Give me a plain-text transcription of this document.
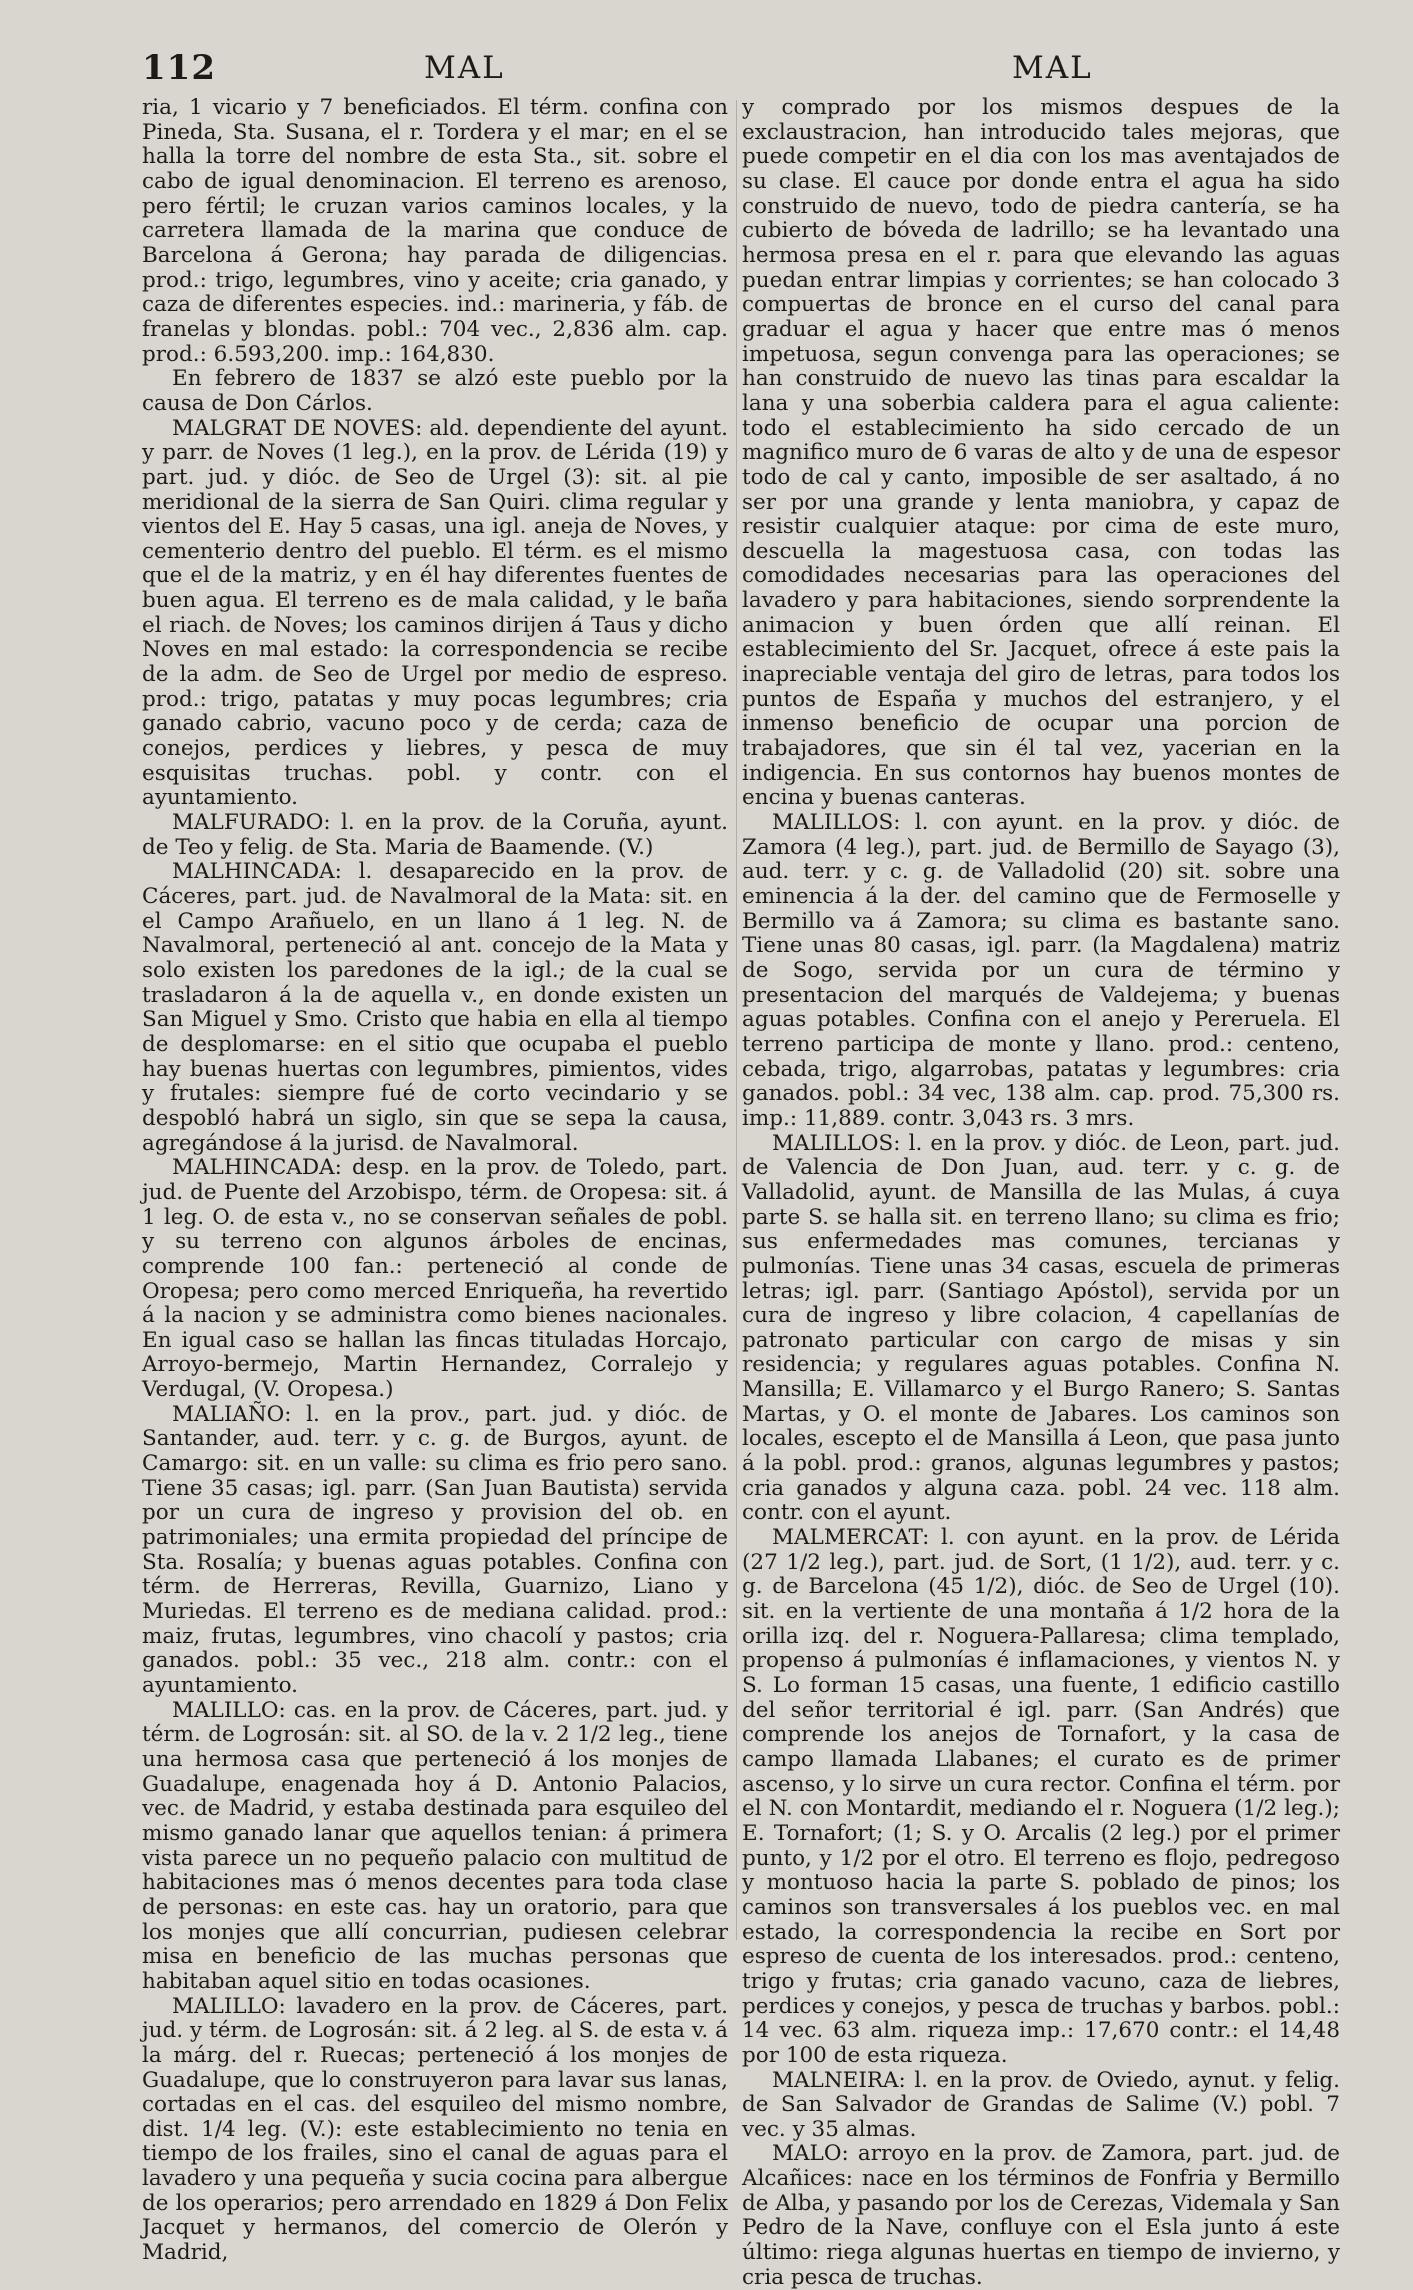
112	MAL	MAL

ria, 1 vicario y 7 beneficiados. El térm. confina con Pineda, Sta. Susana, el r. Tordera y el mar; en el se halla la torre del nombre de esta Sta., sit. sobre el cabo de igual denominacion. El terreno es arenoso, pero fértil; le cruzan varios caminos locales, y la carretera llamada de la marina que conduce de Barcelona á Gerona; hay parada de diligencias. prod.: trigo, legumbres, vino y aceite; cria ganado, y caza de diferentes especies. ind.: marineria, y fáb. de franelas y blondas. pobl.: 704 vec., 2,836 alm. cap. prod.: 6.593,200. imp.: 164,830.

En febrero de 1837 se alzó este pueblo por la causa de Don Cárlos.

MALGRAT DE NOVES: ald. dependiente del ayunt. y parr. de Noves (1 leg.), en la prov. de Lérida (19) y part. jud. y dióc. de Seo de Urgel (3): sit. al pie meridional de la sierra de San Quiri. clima regular y vientos del E. Hay 5 casas, una igl. aneja de Noves, y cementerio dentro del pueblo. El térm. es el mismo que el de la matriz, y en él hay diferentes fuentes de buen agua. El terreno es de mala calidad, y le baña el riach. de Noves; los caminos dirijen á Taus y dicho Noves en mal estado: la correspondencia se recibe de la adm. de Seo de Urgel por medio de espreso. prod.: trigo, patatas y muy pocas legumbres; cria ganado cabrio, vacuno poco y de cerda; caza de conejos, perdices y liebres, y pesca de muy esquisitas truchas. pobl. y contr. con el ayuntamiento.

MALFURADO: l. en la prov. de la Coruña, ayunt. de Teo y felig. de Sta. Maria de Baamende. (V.)

MALHINCADA: l. desaparecido en la prov. de Cáceres, part. jud. de Navalmoral de la Mata: sit. en el Campo Arañuelo, en un llano á 1 leg. N. de Navalmoral, perteneció al ant. concejo de la Mata y solo existen los paredones de la igl.; de la cual se trasladaron á la de aquella v., en donde existen un San Miguel y Smo. Cristo que habia en ella al tiempo de desplomarse: en el sitio que ocupaba el pueblo hay buenas huertas con legumbres, pimientos, vides y frutales: siempre fué de corto vecindario y se despobló habrá un siglo, sin que se sepa la causa, agregándose á la jurisd. de Navalmoral.

MALHINCADA: desp. en la prov. de Toledo, part. jud. de Puente del Arzobispo, térm. de Oropesa: sit. á 1 leg. O. de esta v., no se conservan señales de pobl. y su terreno con algunos árboles de encinas, comprende 100 fan.: perteneció al conde de Oropesa; pero como merced Enriqueña, ha revertido á la nacion y se administra como bienes nacionales. En igual caso se hallan las fincas tituladas Horcajo, Arroyo-bermejo, Martin Hernandez, Corralejo y Verdugal, (V. Oropesa.)

MALIAÑO: l. en la prov., part. jud. y dióc. de Santander, aud. terr. y c. g. de Burgos, ayunt. de Camargo: sit. en un valle: su clima es frio pero sano. Tiene 35 casas; igl. parr. (San Juan Bautista) servida por un cura de ingreso y provision del ob. en patrimoniales; una ermita propiedad del príncipe de Sta. Rosalía; y buenas aguas potables. Confina con térm. de Herreras, Revilla, Guarnizo, Liano y Muriedas. El terreno es de mediana calidad. prod.: maiz, frutas, legumbres, vino chacolí y pastos; cria ganados. pobl.: 35 vec., 218 alm. contr.: con el ayuntamiento.

MALILLO: cas. en la prov. de Cáceres, part. jud. y térm. de Logrosán: sit. al SO. de la v. 2 1/2 leg., tiene una hermosa casa que perteneció á los monjes de Guadalupe, enagenada hoy á D. Antonio Palacios, vec. de Madrid, y estaba destinada para esquileo del mismo ganado lanar que aquellos tenian: á primera vista parece un no pequeño palacio con multitud de habitaciones mas ó menos decentes para toda clase de personas: en este cas. hay un oratorio, para que los monjes que allí concurrian, pudiesen celebrar misa en beneficio de las muchas personas que habitaban aquel sitio en todas ocasiones.

MALILLO: lavadero en la prov. de Cáceres, part. jud. y térm. de Logrosán: sit. á 2 leg. al S. de esta v. á la márg. del r. Ruecas; perteneció á los monjes de Guadalupe, que lo construyeron para lavar sus lanas, cortadas en el cas. del esquileo del mismo nombre, dist. 1/4 leg. (V.): este establecimiento no tenia en tiempo de los frailes, sino el canal de aguas para el lavadero y una pequeña y sucia cocina para albergue de los operarios; pero arrendado en 1829 á Don Felix Jacquet y hermanos, del comercio de Olerón y Madrid,

y comprado por los mismos despues de la exclaustracion, han introducido tales mejoras, que puede competir en el dia con los mas aventajados de su clase. El cauce por donde entra el agua ha sido construido de nuevo, todo de piedra cantería, se ha cubierto de bóveda de ladrillo; se ha levantado una hermosa presa en el r. para que elevando las aguas puedan entrar limpias y corrientes; se han colocado 3 compuertas de bronce en el curso del canal para graduar el agua y hacer que entre mas ó menos impetuosa, segun convenga para las operaciones; se han construido de nuevo las tinas para escaldar la lana y una soberbia caldera para el agua caliente: todo el establecimiento ha sido cercado de un magnifico muro de 6 varas de alto y de una de espesor todo de cal y canto, imposible de ser asaltado, á no ser por una grande y lenta maniobra, y capaz de resistir cualquier ataque: por cima de este muro, descuella la magestuosa casa, con todas las comodidades necesarias para las operaciones del lavadero y para habitaciones, siendo sorprendente la animacion y buen órden que allí reinan. El establecimiento del Sr. Jacquet, ofrece á este pais la inapreciable ventaja del giro de letras, para todos los puntos de España y muchos del estranjero, y el inmenso beneficio de ocupar una porcion de trabajadores, que sin él tal vez, yacerian en la indigencia. En sus contornos hay buenos montes de encina y buenas canteras.

MALILLOS: l. con ayunt. en la prov. y dióc. de Zamora (4 leg.), part. jud. de Bermillo de Sayago (3), aud. terr. y c. g. de Valladolid (20) sit. sobre una eminencia á la der. del camino que de Fermoselle y Bermillo va á Zamora; su clima es bastante sano. Tiene unas 80 casas, igl. parr. (la Magdalena) matriz de Sogo, servida por un cura de término y presentacion del marqués de Valdejema; y buenas aguas potables. Confina con el anejo y Pereruela. El terreno participa de monte y llano. prod.: centeno, cebada, trigo, algarrobas, patatas y legumbres: cria ganados. pobl.: 34 vec, 138 alm. cap. prod. 75,300 rs. imp.: 11,889. contr. 3,043 rs. 3 mrs.

MALILLOS: l. en la prov. y dióc. de Leon, part. jud. de Valencia de Don Juan, aud. terr. y c. g. de Valladolid, ayunt. de Mansilla de las Mulas, á cuya parte S. se halla sit. en terreno llano; su clima es frio; sus enfermedades mas comunes, tercianas y pulmonías. Tiene unas 34 casas, escuela de primeras letras; igl. parr. (Santiago Apóstol), servida por un cura de ingreso y libre colacion, 4 capellanías de patronato particular con cargo de misas y sin residencia; y regulares aguas potables. Confina N. Mansilla; E. Villamarco y el Burgo Ranero; S. Santas Martas, y O. el monte de Jabares. Los caminos son locales, escepto el de Mansilla á Leon, que pasa junto á la pobl. prod.: granos, algunas legumbres y pastos; cria ganados y alguna caza. pobl. 24 vec. 118 alm. contr. con el ayunt.

MALMERCAT: l. con ayunt. en la prov. de Lérida (27 1/2 leg.), part. jud. de Sort, (1 1/2), aud. terr. y c. g. de Barcelona (45 1/2), dióc. de Seo de Urgel (10). sit. en la vertiente de una montaña á 1/2 hora de la orilla izq. del r. Noguera-Pallaresa; clima templado, propenso á pulmonías é inflamaciones, y vientos N. y S. Lo forman 15 casas, una fuente, 1 edificio castillo del señor territorial é igl. parr. (San Andrés) que comprende los anejos de Tornafort, y la casa de campo llamada Llabanes; el curato es de primer ascenso, y lo sirve un cura rector. Confina el térm. por el N. con Montardit, mediando el r. Noguera (1/2 leg.); E. Tornafort; (1; S. y O. Arcalis (2 leg.) por el primer punto, y 1/2 por el otro. El terreno es flojo, pedregoso y montuoso hacia la parte S. poblado de pinos; los caminos son transversales á los pueblos vec. en mal estado, la correspondencia la recibe en Sort por espreso de cuenta de los interesados. prod.: centeno, trigo y frutas; cria ganado vacuno, caza de liebres, perdices y conejos, y pesca de truchas y barbos. pobl.: 14 vec. 63 alm. riqueza imp.: 17,670 contr.: el 14,48 por 100 de esta riqueza.

MALNEIRA: l. en la prov. de Oviedo, aynut. y felig. de San Salvador de Grandas de Salime (V.) pobl. 7 vec. y 35 almas.

MALO: arroyo en la prov. de Zamora, part. jud. de Alcañices: nace en los términos de Fonfria y Bermillo de Alba, y pasando por los de Cerezas, Videmala y San Pedro de la Nave, confluye con el Esla junto á este último: riega algunas huertas en tiempo de invierno, y cria pesca de truchas.
